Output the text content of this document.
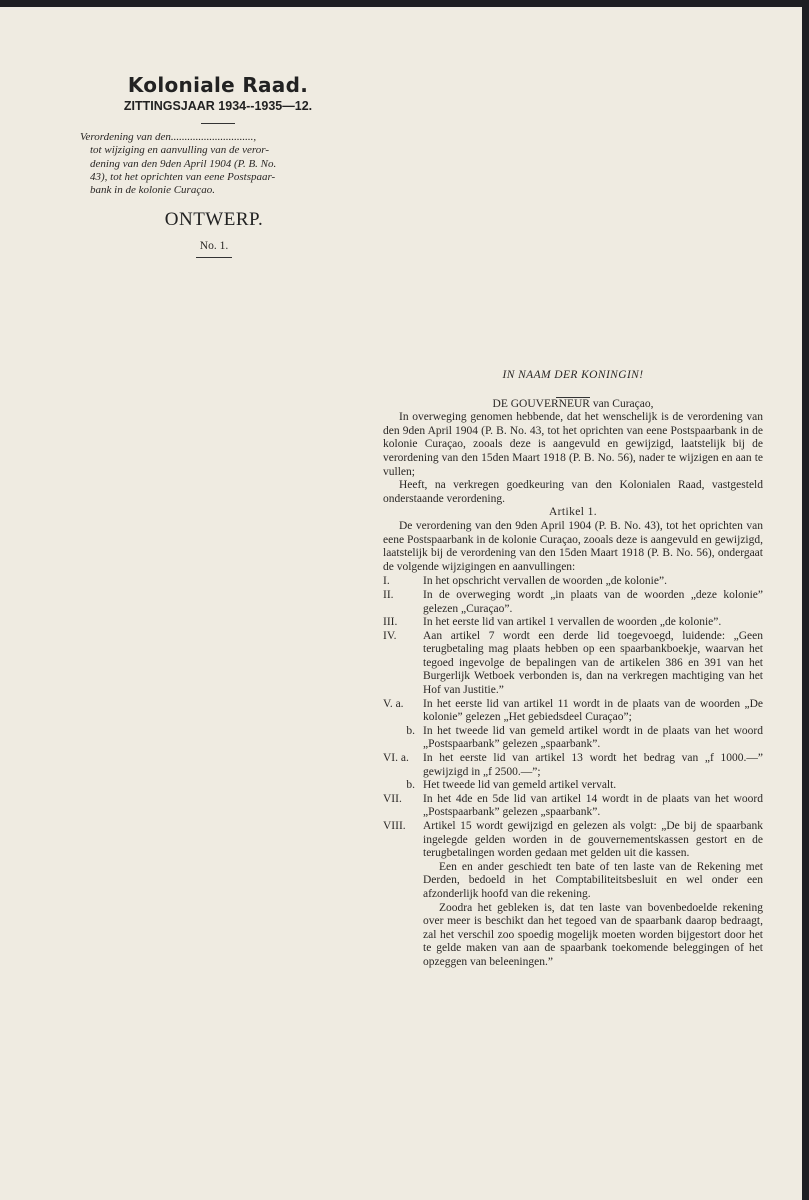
Koloniale Raad.
ZITTINGSJAAR 1934--1935—12.

Verordening van den..............................,

tot wijziging en aanvulling van de veror-

dening van den 9den April 1904 (P. B. No.

43), tot het oprichten van eene Postspaar-

bank in de kolonie Curaçao.

ONTWERP.
No. 1.

IN NAAM DER KONINGIN!

DE GOUVERNEUR van Curaçao,

In overweging genomen hebbende, dat het wenschelijk is de verordening van den 9den April 1904 (P. B. No. 43, tot het oprichten van eene Postspaarbank in de kolonie Curaçao, zooals deze is aangevuld en gewijzigd, laatstelijk bij de verordening van den 15den Maart 1918 (P. B. No. 56), nader te wijzigen en aan te vullen;

Heeft, na verkregen goedkeuring van den Kolonialen Raad, vastgesteld onderstaande verordening.

Artikel 1.

De verordening van den 9den April 1904 (P. B. No. 43), tot het oprichten van eene Postspaarbank in de kolonie Curaçao, zooals deze is aangevuld en gewijzigd, laatstelijk bij de verordening van den 15den Maart 1918 (P. B. No. 56), ondergaat de volgende wijzigingen en aanvullingen:

I.	In het opschricht vervallen de woorden „de kolonie”.
II.	In de overweging wordt „in plaats van de woorden „deze kolonie” gelezen „Curaçao”.
III.	In het eerste lid van artikel 1 vervallen de woorden „de kolonie”.
IV.	Aan artikel 7 wordt een derde lid toegevoegd, luidende: „Geen terugbetaling mag plaats hebben op een spaarbankboekje, waarvan het tegoed ingevolge de bepalingen van de artikelen 386 en 391 van het Burgerlijk Wetboek verbonden is, dan na verkregen machtiging van het Hof van Justitie.”
V. a.	In het eerste lid van artikel 11 wordt in de plaats van de woorden „De kolonie” gelezen „Het gebiedsdeel Curaçao”;
b. In het tweede lid van gemeld artikel wordt in de plaats van het woord „Postspaarbank” gelezen „spaarbank”.
VI. a.	In het eerste lid van artikel 13 wordt het bedrag van „f 1000.—” gewijzigd in „f 2500.—”;
b. Het tweede lid van gemeld artikel vervalt.
VII.	In het 4de en 5de lid van artikel 14 wordt in de plaats van het woord „Postspaarbank” gelezen „spaarbank”.
VIII.	Artikel 15 wordt gewijzigd en gelezen als volgt: „De bij de spaarbank ingelegde gelden worden in de gouvernementskassen gestort en de terugbetalingen worden gedaan met gelden uit die kassen.
Een en ander geschiedt ten bate of ten laste van de Rekening met Derden, bedoeld in het Comptabiliteitsbesluit en wel onder een afzonderlijk hoofd van die rekening.
Zoodra het gebleken is, dat ten laste van bovenbedoelde rekening over meer is beschikt dan het tegoed van de spaarbank daarop bedraagt, zal het verschil zoo spoedig mogelijk moeten worden bijgestort door het te gelde maken van aan de spaarbank toekomende beleggingen of het opzeggen van beleeningen.”
